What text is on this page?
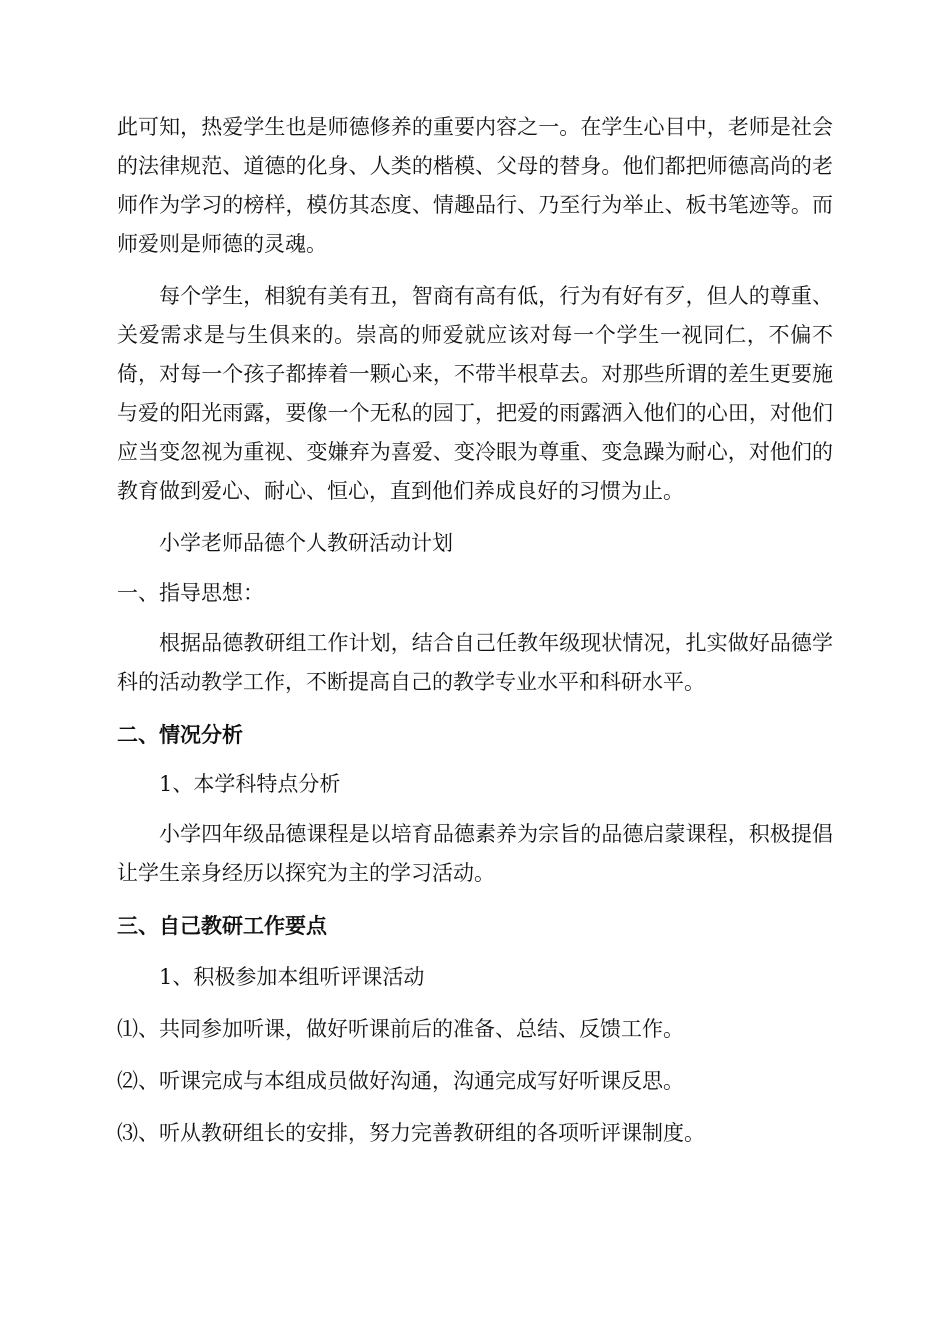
此可知，热爱学生也是师德修养的重要内容之一。在学生心目中，老师是社会的法律规范、道德的化身、人类的楷模、父母的替身。他们都把师德高尚的老师作为学习的榜样，模仿其态度、情趣品行、乃至行为举止、板书笔迹等。而师爱则是师德的灵魂。

每个学生，相貌有美有丑，智商有高有低，行为有好有歹，但人的尊重、关爱需求是与生俱来的。崇高的师爱就应该对每一个学生一视同仁，不偏不倚，对每一个孩子都捧着一颗心来，不带半根草去。对那些所谓的差生更要施与爱的阳光雨露，要像一个无私的园丁，把爱的雨露洒入他们的心田，对他们应当变忽视为重视、变嫌弃为喜爱、变冷眼为尊重、变急躁为耐心，对他们的教育做到爱心、耐心、恒心，直到他们养成良好的习惯为止。

小学老师品德个人教研活动计划

一、指导思想：

根据品德教研组工作计划，结合自己任教年级现状情况，扎实做好品德学科的活动教学工作，不断提高自己的教学专业水平和科研水平。

二、情况分析

1、本学科特点分析

小学四年级品德课程是以培育品德素养为宗旨的品德启蒙课程，积极提倡让学生亲身经历以探究为主的学习活动。

三、自己教研工作要点

1、积极参加本组听评课活动

⑴、共同参加听课，做好听课前后的准备、总结、反馈工作。

⑵、听课完成与本组成员做好沟通，沟通完成写好听课反思。

⑶、听从教研组长的安排，努力完善教研组的各项听评课制度。
